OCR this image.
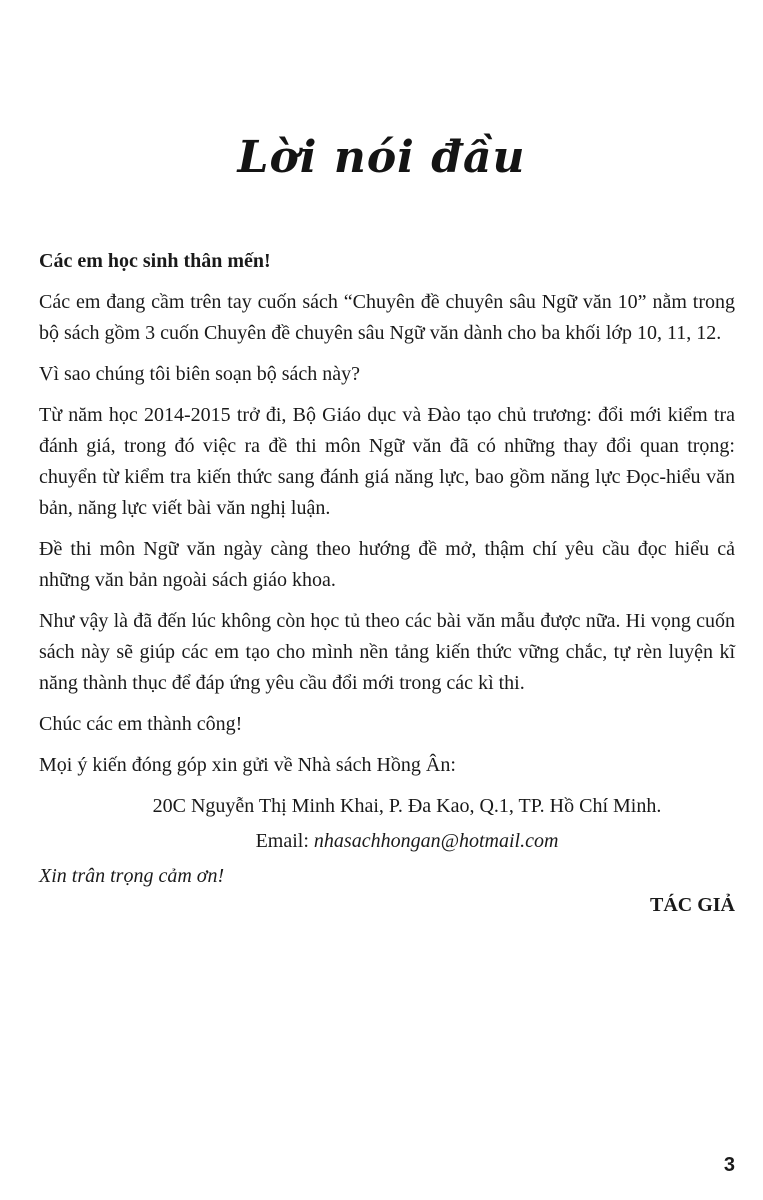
Lời nói đầu

Các em học sinh thân mến!

Các em đang cầm trên tay cuốn sách “Chuyên đề chuyên sâu Ngữ văn 10” nằm trong bộ sách gồm 3 cuốn Chuyên đề chuyên sâu Ngữ văn dành cho ba khối lớp 10, 11, 12.

Vì sao chúng tôi biên soạn bộ sách này?

Từ năm học 2014-2015 trở đi, Bộ Giáo dục và Đào tạo chủ trương: đổi mới kiểm tra đánh giá, trong đó việc ra đề thi môn Ngữ văn đã có những thay đổi quan trọng: chuyển từ kiểm tra kiến thức sang đánh giá năng lực, bao gồm năng lực Đọc-hiểu văn bản, năng lực viết bài văn nghị luận.

Đề thi môn Ngữ văn ngày càng theo hướng đề mở, thậm chí yêu cầu đọc hiểu cả những văn bản ngoài sách giáo khoa.

Như vậy là đã đến lúc không còn học tủ theo các bài văn mẫu được nữa. Hi vọng cuốn sách này sẽ giúp các em tạo cho mình nền tảng kiến thức vững chắc, tự rèn luyện kĩ năng thành thục để đáp ứng yêu cầu đổi mới trong các kì thi.

Chúc các em thành công!

Mọi ý kiến đóng góp xin gửi về Nhà sách Hồng Ân:

20C Nguyễn Thị Minh Khai, P. Đa Kao, Q.1, TP. Hồ Chí Minh.

Email: nhasachhongan@hotmail.com

Xin trân trọng cảm ơn!

TÁC GIẢ
3
